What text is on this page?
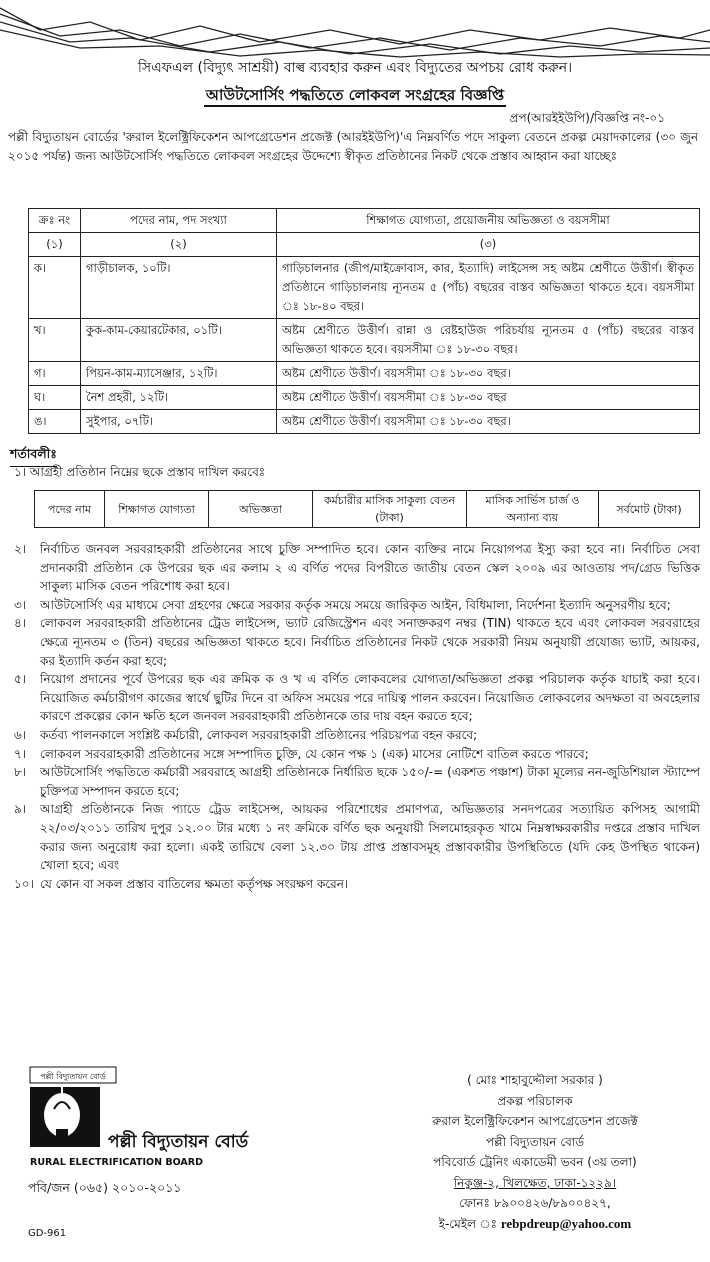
সিএফএল (বিদ্যুৎ সাশ্রয়ী) বাল্ব ব্যবহার করুন এবং বিদ্যুতের অপচয় রোধ করুন।
আউটসোর্সিং পদ্ধতিতে লোকবল সংগ্রহের বিজ্ঞপ্তি
প্রপ(আরইইউপি)/বিজ্ঞপ্তি নং-০১
পল্লী বিদ্যুতায়ন বোর্ডের 'রুরাল ইলেক্ট্রিফিকেশন আপগ্রেডেশন প্রজেক্ট (আরইইউপি)'এ নিম্নবর্ণিত পদে সাকুল্য বেতনে প্রকল্প মেয়াদকালের (৩০ জুন ২০১৫ পর্যন্ত) জন্য আউটসোর্সিং পদ্ধতিতে লোকবল সংগ্রহের উদ্দেশ্যে স্বীকৃত প্রতিষ্ঠানের নিকট থেকে প্রস্তাব আহ্বান করা যাচ্ছেঃ
ক্রঃ নং	পদের নাম, পদ সংখ্যা	শিক্ষাগত যোগ্যতা, প্রয়োজনীয় অভিজ্ঞতা ও বয়সসীমা
(১)	(২)	(৩)
ক।	গাড়ীচালক, ১০টি।	গাড়িচালনার (জীপ/মাইক্রোবাস, কার, ইত্যাদি) লাইসেন্স সহ অষ্টম শ্রেণীতে উত্তীর্ণ। স্বীকৃত প্রতিষ্ঠানে গাড়িচালনায় ন্যূনতম ৫ (পাঁচ) বছরের বাস্তব অভিজ্ঞতা থাকতে হবে। বয়সসীমা ঃ ১৮-৪০ বছর।
খ।	কুক-কাম-কেয়ারটেকার, ০১টি।	অষ্টম শ্রেণীতে উত্তীর্ণ। রান্না ও রেষ্টহাউজ পরিচর্যায় ন্যূনতম ৫ (পাঁচ) বছরের বাস্তব অভিজ্ঞতা থাকতে হবে। বয়সসীমা ঃ ১৮-৩০ বছর।
গ।	পিয়ন-কাম-ম্যাসেঞ্জার, ১২টি।	অষ্টম শ্রেণীতে উত্তীর্ণ। বয়সসীমা ঃ ১৮-৩০ বছর।
ঘ।	নৈশ প্রহরী, ১২টি।	অষ্টম শ্রেণীতে উত্তীর্ণ। বয়সসীমা ঃ ১৮-৩০ বছর
ঙ।	সুইপার, ০৭টি।	অষ্টম শ্রেণীতে উত্তীর্ণ। বয়সসীমা ঃ ১৮-৩০ বছর।
শর্তাবলীঃ
১। আগ্রহী প্রতিষ্ঠান নিম্নের ছকে প্রস্তাব দাখিল করবেঃ
পদের নাম	শিক্ষাগত যোগ্যতা	অভিজ্ঞতা	কর্মচারীর মাসিক সাকুল্য বেতন (টাকা)	মাসিক সার্ভিস চার্জ ও অন্যান্য ব্যয়	সর্বমোট (টাকা)
২।	নির্বাচিত জনবল সরবরাহকারী প্রতিষ্ঠানের সাথে চুক্তি সম্পাদিত হবে। কোন ব্যক্তির নামে নিয়োগপত্র ইস্যু করা হবে না। নির্বাচিত সেবা প্রদানকারী প্রতিষ্ঠান কে উপরের ছক এর কলাম ২ এ বর্ণিত পদের বিপরীতে জাতীয় বেতন স্কেল ২০০৯ এর আওতায় পদ/গ্রেড ভিত্তিক সাকুল্য মাসিক বেতন পরিশোধ করা হবে।
৩।	আউটসোর্সিং এর মাধ্যমে সেবা গ্রহণের ক্ষেত্রে সরকার কর্তৃক সময়ে সময়ে জারিকৃত আইন, বিধিমালা, নির্দেশনা ইত্যাদি অনুসরণীয় হবে;
৪।	লোকবল সরবরাহকারী প্রতিষ্ঠানের ট্রেড লাইসেন্স, ভ্যাট রেজিস্ট্রেশন এবং সনাক্তকরণ নম্বর (TIN) থাকতে হবে এবং লোকবল সরবরাহের ক্ষেত্রে ন্যূনতম ৩ (তিন) বছরের অভিজ্ঞতা থাকতে হবে। নির্বাচিত প্রতিষ্ঠানের নিকট থেকে সরকারী নিয়ম অনুযায়ী প্রযোজ্য ভ্যাট, আয়কর, কর ইত্যাদি কর্তন করা হবে;
৫।	নিয়োগ প্রদানের পূর্বে উপরের ছক এর ক্রমিক ক ও খ এ বর্ণিত লোকবলের যোগ্যতা/অভিজ্ঞতা প্রকল্প পরিচালক কর্তৃক যাচাই করা হবে। নিয়োজিত কর্মচারীগণ কাজের স্বার্থে ছুটির দিনে বা অফিস সময়ের পরে দায়িত্ব পালন করবেন। নিয়োজিত লোকবলের অদক্ষতা বা অবহেলার কারণে প্রকল্পের কোন ক্ষতি হলে জনবল সরবরাহকারী প্রতিষ্ঠানকে তার দায় বহন করতে হবে;
৬।	কর্তব্য পালনকালে সংশ্লিষ্ট কর্মচারী, লোকবল সরবরাহকারী প্রতিষ্ঠানের পরিচয়পত্র বহন করবে;
৭।	লোকবল সরবরাহকারী প্রতিষ্ঠানের সঙ্গে সম্পাদিত চুক্তি, যে কোন পক্ষ ১ (এক) মাসের নোটিশে বাতিল করতে পারবে;
৮।	আউটসোর্সিং পদ্ধতিতে কর্মচারী সরবরাহে আগ্রহী প্রতিষ্ঠানকে নির্ধারিত ছকে ১৫০/-= (একশত পঞ্চাশ) টাকা মূল্যের নন-জুডিশিয়াল স্ট্যাম্পে চুক্তিপত্র সম্পাদন করতে হবে;
৯।	আগ্রহী প্রতিষ্ঠানকে নিজ প্যাডে ট্রেড লাইসেন্স, আয়কর পরিশোধের প্রমাণপত্র, অভিজ্ঞতার সনদপত্রের সত্যায়িত কপিসহ আগামী ২২/০৩/২০১১ তারিখ দুপুর ১২.০০ টার মধ্যে ১ নং ক্রমিকে বর্ণিত ছক অনুযায়ী সিলমোহরকৃত খামে নিম্নস্বাক্ষরকারীর দপ্তরে প্রস্তাব দাখিল করার জন্য অনুরোধ করা হলো। একই তারিখে বেলা ১২.৩০ টায় প্রাপ্ত প্রস্তাবসমূহ প্রস্তাবকারীর উপস্থিতিতে (যদি কেহ উপস্থিত থাকেন) খোলা হবে; এবং
১০। যে কোন বা সকল প্রস্তাব বাতিলের ক্ষমতা কর্তৃপক্ষ সংরক্ষণ করেন।
পল্লী বিদ্যুতায়ন বোর্ড
পল্লী বিদ্যুতায়ন বোর্ড
RURAL ELECTRIFICATION BOARD
পবি/জন (০৬৫) ২০১০-২০১১
GD-961
( মোঃ শাহাবুদ্দৌলা সরকার )
প্রকল্প পরিচালক
রুরাল ইলেক্ট্রিফিকেশন আপগ্রেডেশন প্রজেক্ট
পল্লী বিদ্যুতায়ন বোর্ড
পবিবোর্ড ট্রেনিং একাডেমী ভবন (৩য় তলা)
নিকুঞ্জ-২, খিলক্ষেত, ঢাকা-১২২৯।
ফোনঃ ৮৯০০৪২৬/৮৯০০৪২৭,
ই-মেইল ঃ rebpdreup@yahoo.com
